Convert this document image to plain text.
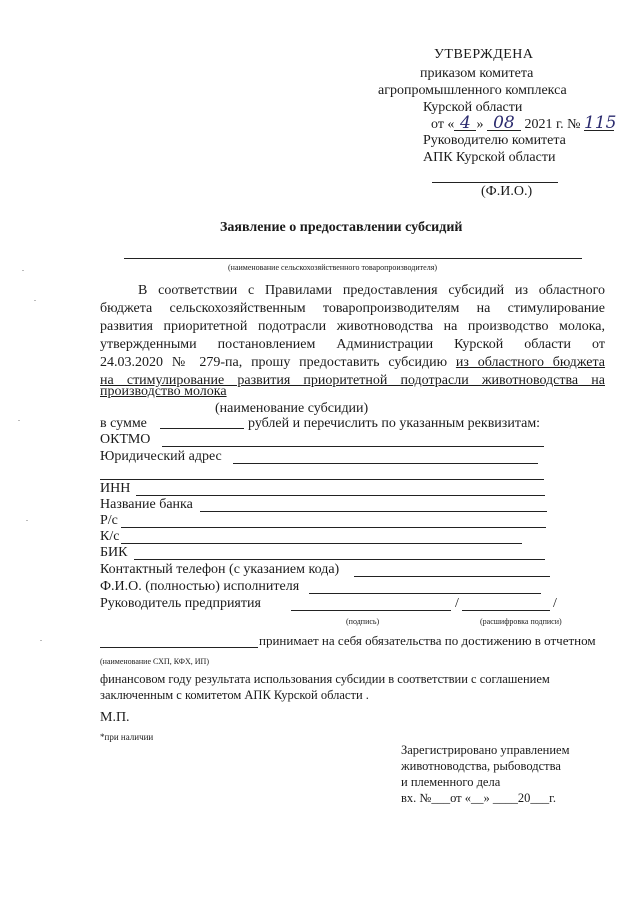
УТВЕРЖДЕНА
приказом комитета
агропромышленного комплекса
Курской области
от « 4 » 08 2021 г. № 115
Руководителю комитета
АПК Курской области
(Ф.И.О.)
Заявление о предоставлении субсидий
(наименование сельскохозяйственного товаропроизводителя)
В соответствии с Правилами предоставления субсидий из областного
бюджета сельскохозяйственным товаропроизводителям на стимулирование
развития приоритетной подотрасли животноводства на производство молока,
утвержденными постановлением Администрации Курской области от
24.03.2020 № 279-па, прошу предоставить субсидию из областного бюджета
на стимулирование развития приоритетной подотрасли животноводства на
производство молока
(наименование субсидии)
в сумме	рублей и перечислить по указанным реквизитам:
ОКТМО
Юридический адрес
ИНН
Название банка
Р/с
К/с
БИК
Контактный телефон (с указанием кода)
Ф.И.О. (полностью) исполнителя
Руководитель предприятия	/	/
(подпись)	(расшифровка подписи)
принимает на себя обязательства по достижению в отчетном
(наименование СХП, КФХ, ИП)
финансовом году результата использования субсидии в соответствии с соглашением
заключенным с комитетом АПК Курской области .
М.П.
*при наличии
Зарегистрировано управлением
животноводства, рыбоводства
и племенного дела
вх. №___от «__» ____20___г.
